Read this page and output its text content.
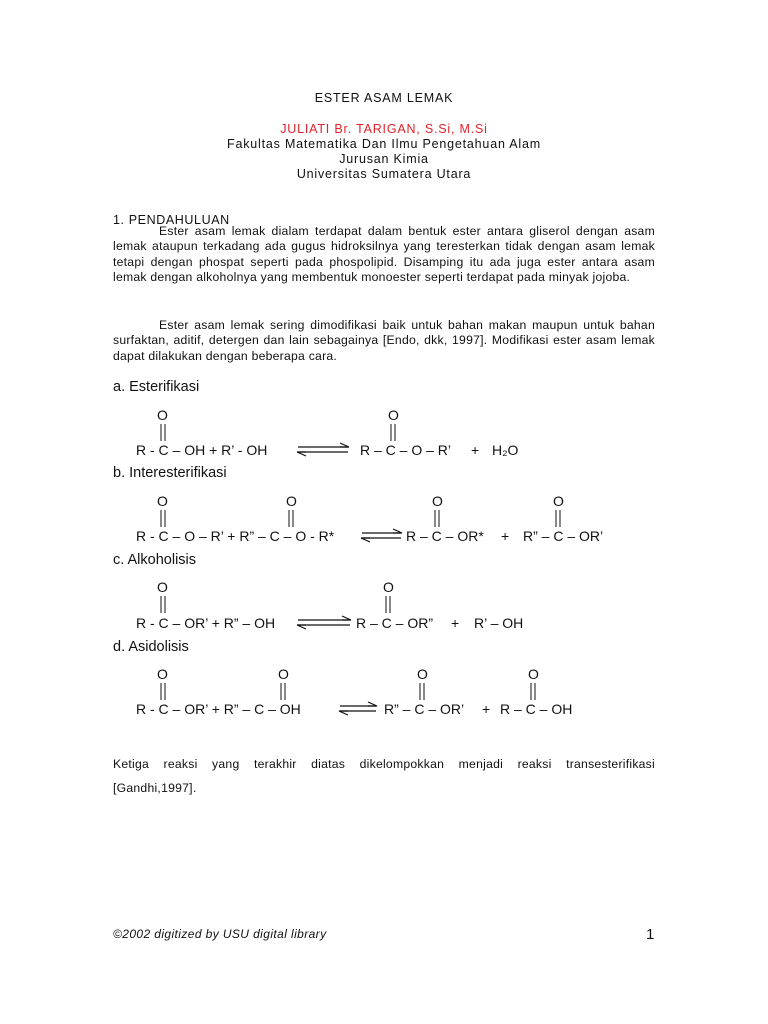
ESTER ASAM LEMAK
JULIATI Br. TARIGAN, S.Si, M.Si
Fakultas Matematika Dan Ilmu Pengetahuan Alam
Jurusan Kimia
Universitas Sumatera Utara
1. PENDAHULUAN

Ester asam lemak dialam terdapat dalam bentuk ester antara gliserol dengan asam lemak ataupun terkadang ada gugus hidroksilnya yang teresterkan tidak dengan asam lemak tetapi dengan phospat seperti pada phospolipid. Disamping itu ada juga ester antara asam lemak dengan alkoholnya yang membentuk monoester seperti terdapat pada minyak jojoba.

Ester asam lemak sering dimodifikasi baik untuk bahan makan maupun untuk bahan surfaktan, aditif, detergen dan lain sebagainya [Endo, dkk, 1997]. Modifikasi ester asam lemak dapat dilakukan dengan beberapa cara.

a. Esterifikasi
b. Interesterifikasi
c. Alkoholisis
d. Asidolisis
O	O
R - C – OH + R’ - OH	R – C – O – R’ + H₂O
O	O	O	O
R - C – O – R’ + R” – C – O - R*	R – C – OR* + R” – C – OR’
O	O
R - C – OR’ + R” – OH	R – C – OR” + R’ – OH
O	O	O	O
R - C – OR’ + R” – C – OH	R” – C – OR’ + R – C – OH

Ketiga reaksi yang terakhir diatas dikelompokkan menjadi reaksi transesterifikasi [Gandhi,1997].

©2002 digitized by USU digital library	1
